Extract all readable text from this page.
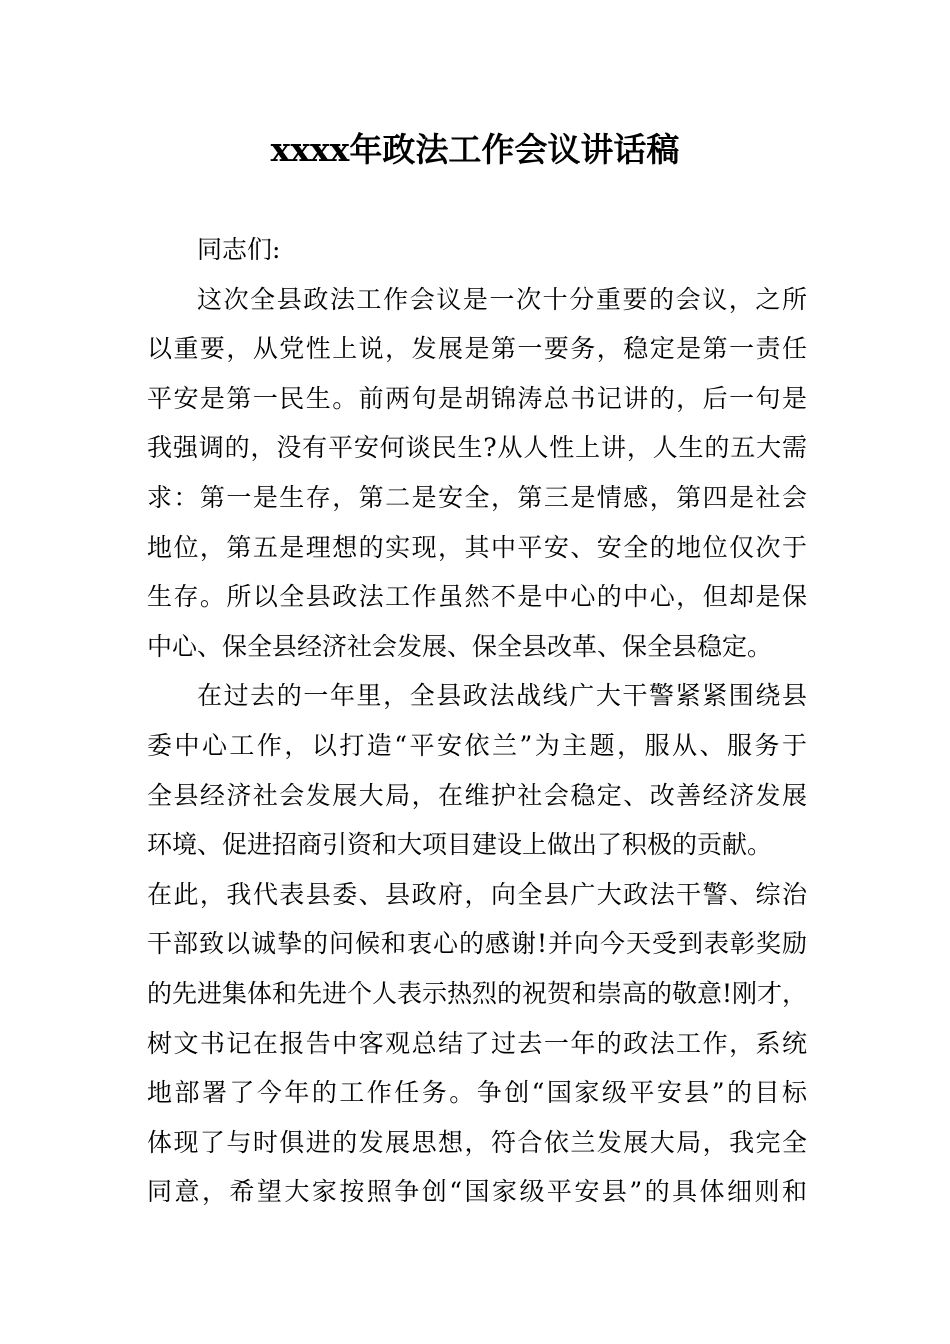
xxxx年政法工作会议讲话稿

同志们:

这次全县政法工作会议是一次十分重要的会议，之所
以重要，从党性上说，发展是第一要务，稳定是第一责任
平安是第一民生。前两句是胡锦涛总书记讲的，后一句是
我强调的，没有平安何谈民生?从人性上讲，人生的五大需
求：第一是生存，第二是安全，第三是情感，第四是社会
地位，第五是理想的实现，其中平安、安全的地位仅次于
生存。所以全县政法工作虽然不是中心的中心，但却是保
中心、保全县经济社会发展、保全县改革、保全县稳定。

在过去的一年里，全县政法战线广大干警紧紧围绕县
委中心工作，以打造“平安依兰”为主题，服从、服务于
全县经济社会发展大局，在维护社会稳定、改善经济发展
环境、促进招商引资和大项目建设上做出了积极的贡献。
在此，我代表县委、县政府，向全县广大政法干警、综治
干部致以诚挚的问候和衷心的感谢!并向今天受到表彰奖励
的先进集体和先进个人表示热烈的祝贺和崇高的敬意!刚才，
树文书记在报告中客观总结了过去一年的政法工作，系统
地部署了今年的工作任务。争创“国家级平安县”的目标
体现了与时俱进的发展思想，符合依兰发展大局，我完全
同意，希望大家按照争创“国家级平安县”的具体细则和
